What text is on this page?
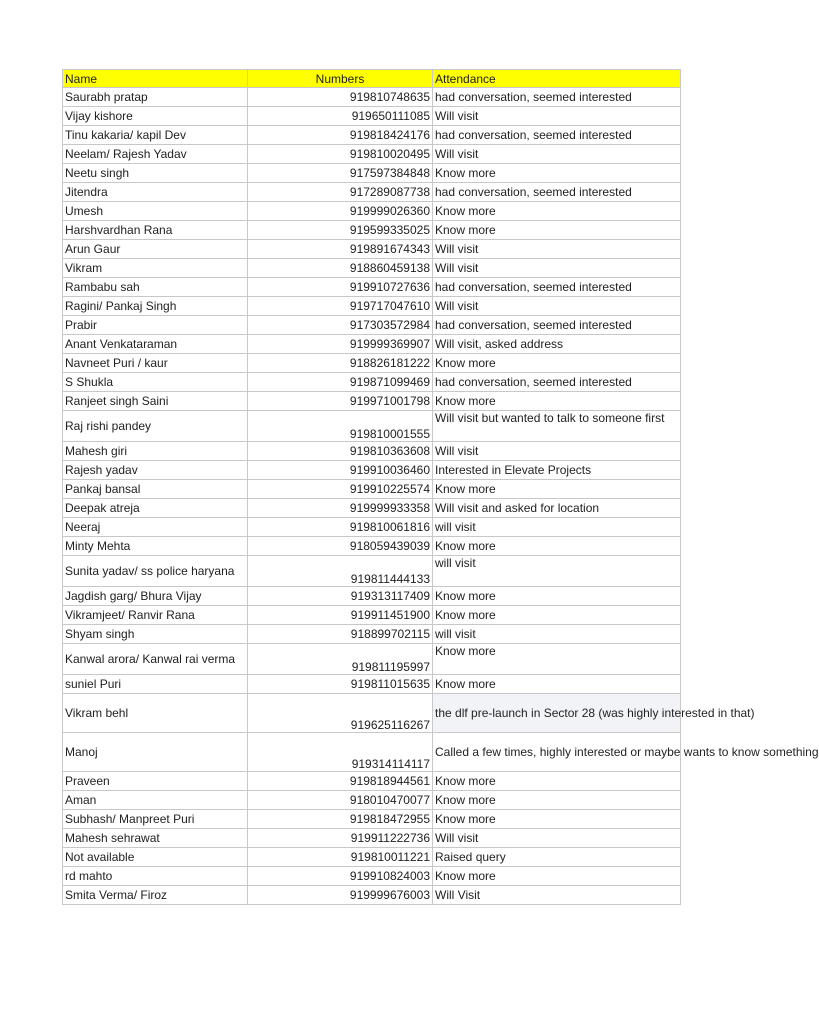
Name	Numbers	Attendance
Saurabh pratap	919810748635	had conversation, seemed interested
Vijay kishore	919650111085	Will visit
Tinu kakaria/ kapil Dev	919818424176	had conversation, seemed interested
Neelam/ Rajesh Yadav	919810020495	Will visit
Neetu singh	917597384848	Know more
Jitendra	917289087738	had conversation, seemed interested
Umesh	919999026360	Know more
Harshvardhan Rana	919599335025	Know more
Arun Gaur	919891674343	Will visit
Vikram	918860459138	Will visit
Rambabu sah	919910727636	had conversation, seemed interested
Ragini/ Pankaj Singh	919717047610	Will visit
Prabir	917303572984	had conversation, seemed interested
Anant Venkataraman	919999369907	Will visit, asked address
Navneet Puri / kaur	918826181222	Know more
S Shukla	919871099469	had conversation, seemed interested
Ranjeet singh Saini	919971001798	Know more
Raj rishi pandey	919810001555	Will visit but wanted to talk to someone first
Mahesh giri	919810363608	Will visit
Rajesh yadav	919910036460	Interested in Elevate Projects
Pankaj bansal	919910225574	Know more
Deepak atreja	919999933358	Will visit and asked for location
Neeraj	919810061816	will visit
Minty Mehta	918059439039	Know more
Sunita yadav/ ss police haryana	919811444133	will visit
Jagdish garg/ Bhura Vijay	919313117409	Know more
Vikramjeet/ Ranvir Rana	919911451900	Know more
Shyam singh	918899702115	will visit
Kanwal arora/ Kanwal rai verma	919811195997	Know more
suniel Puri	919811015635	Know more
Vikram behl	919625116267	the dlf pre-launch in Sector 28 (was highly interested in that)
Manoj	919314114117	Called a few times, highly interested or maybe wants to know something
Praveen	919818944561	Know more
Aman	918010470077	Know more
Subhash/ Manpreet Puri	919818472955	Know more
Mahesh sehrawat	919911222736	Will visit
Not available	919810011221	Raised query
rd mahto	919910824003	Know more
Smita Verma/ Firoz	919999676003	Will Visit
